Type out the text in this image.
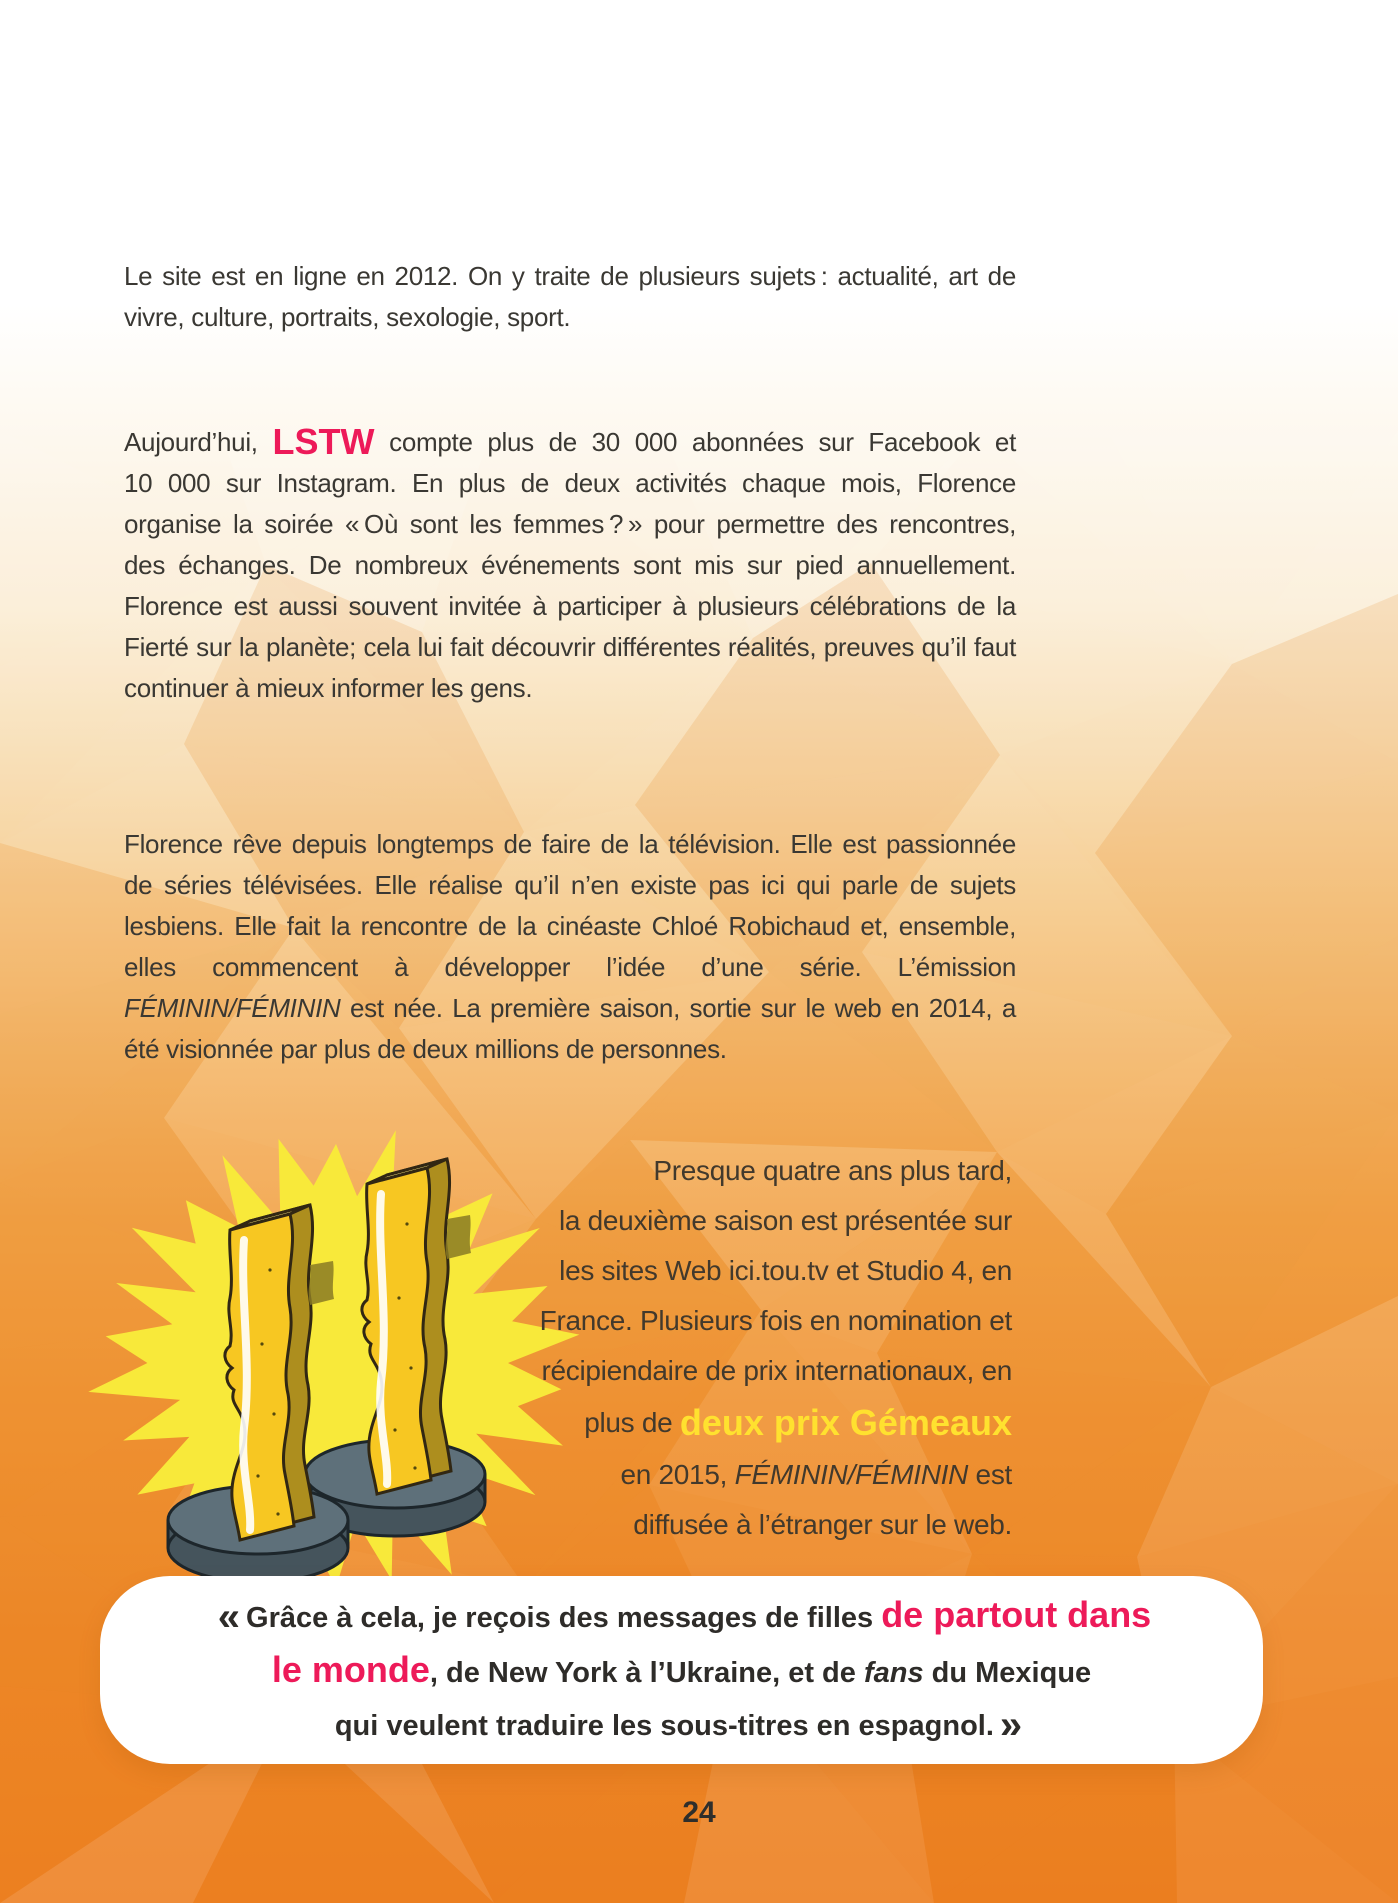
Le site est en ligne en 2012. On y traite de plusieurs sujets : actualité, art de vivre, culture, portraits, sexologie, sport.

Aujourd’hui, LSTW compte plus de 30 000 abonnées sur Facebook et 10 000 sur Instagram. En plus de deux activités chaque mois, Florence organise la soirée « Où sont les femmes ? » pour permettre des rencontres, des échanges. De nombreux événements sont mis sur pied annuellement. Florence est aussi souvent invitée à participer à plusieurs célébrations de la Fierté sur la planète; cela lui fait découvrir différentes réalités, preuves qu’il faut continuer à mieux informer les gens.

Florence rêve depuis longtemps de faire de la télévision. Elle est passionnée de séries télévisées. Elle réalise qu’il n’en existe pas ici qui parle de sujets lesbiens. Elle fait la rencontre de la cinéaste Chloé Robichaud et, ensemble, elles commencent à développer l’idée d’une série. L’émission FÉMININ/FÉMININ est née. La première saison, sortie sur le web en 2014, a été visionnée par plus de deux millions de personnes.

Presque quatre ans plus tard,
la deuxième saison est présentée sur
les sites Web ici.tou.tv et Studio 4, en
France. Plusieurs fois en nomination et
récipiendaire de prix internationaux, en
plus de deux prix Gémeaux
en 2015, FÉMININ/FÉMININ est
diffusée à l’étranger sur le web.
« Grâce à cela, je reçois des messages de filles de partout dans
le monde, de New York à l’Ukraine, et de fans du Mexique
qui veulent traduire les sous-titres en espagnol. »
24
